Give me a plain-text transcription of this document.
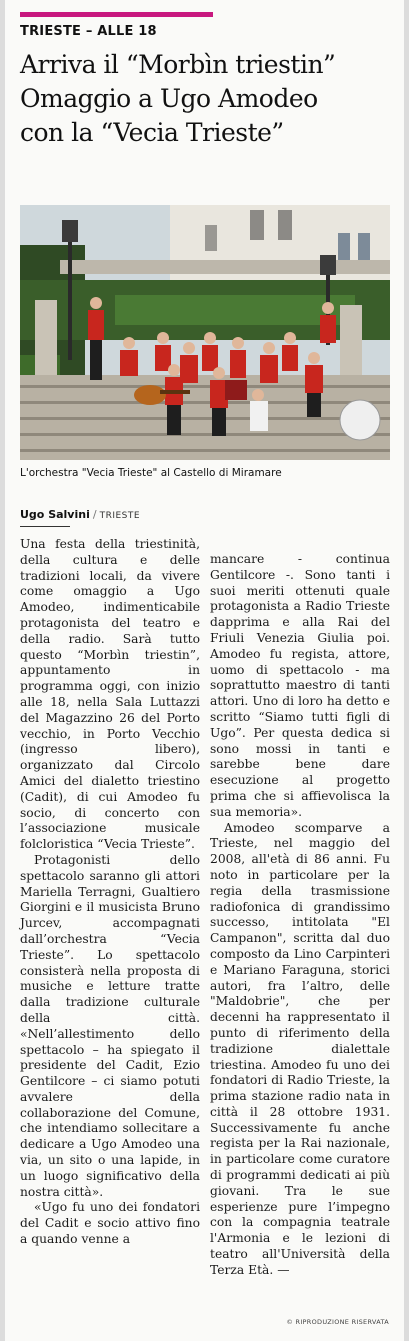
TRIESTE – ALLE 18
Arriva il “Morbìn triestin”
Omaggio a Ugo Amodeo
con la “Vecia Trieste”
L'orchestra "Vecia Trieste" al Castello di Miramare
Ugo Salvini / TRIESTE

Una festa della triestinità, della cultura e delle tradizioni locali, da vivere come omaggio a Ugo Amodeo, indimenticabile protagonista del teatro e della radio. Sarà tutto questo “Morbìn triestin”, appuntamento in programma oggi, con inizio alle 18, nella Sala Luttazzi del Magazzino 26 del Porto vecchio, in Porto Vecchio (ingresso libero), organizzato dal Circolo Amici del dialetto triestino (Cadit), di cui Amodeo fu socio, di concerto con l’associazione musicale folcloristica “Vecia Trieste”.

Protagonisti dello spettacolo saranno gli attori Mariella Terragni, Gualtiero Giorgini e il musicista Bruno Jurcev, accompagnati dall’orchestra “Vecia Trieste”. Lo spettacolo consisterà nella proposta di musiche e letture tratte dalla tradizione culturale della città. «Nell’allestimento dello spettacolo – ha spiegato il presidente del Cadit, Ezio Gentilcore – ci siamo potuti avvalere della collaborazione del Comune, che intendiamo sollecitare a dedicare a Ugo Amodeo una via, un sito o una lapide, in un luogo significativo della nostra città».

«Ugo fu uno dei fondatori del Cadit e socio attivo fino a quando venne a

mancare - continua Gentilcore -. Sono tanti i suoi meriti ottenuti quale protagonista a Radio Trieste dapprima e alla Rai del Friuli Venezia Giulia poi. Amodeo fu regista, attore, uomo di spettacolo - ma soprattutto maestro di tanti attori. Uno di loro ha detto e scritto “Siamo tutti figli di Ugo”. Per questa dedica si sono mossi in tanti e sarebbe bene dare esecuzione al progetto prima che si affievolisca la sua memoria».

Amodeo scomparve a Trieste, nel maggio del 2008, all'età di 86 anni. Fu noto in particolare per la regia della trasmissione radiofonica di grandissimo successo, intitolata "El Campanon", scritta dal duo composto da Lino Carpinteri e Mariano Faraguna, storici autori, fra l’altro, delle "Maldobrie", che per decenni ha rappresentato il punto di riferimento della tradizione dialettale triestina. Amodeo fu uno dei fondatori di Radio Trieste, la prima stazione radio nata in città il 28 ottobre 1931. Successivamente fu anche regista per la Rai nazionale, in particolare come curatore di programmi dedicati ai più giovani. Tra le sue esperienze pure l’impegno con la compagnia teatrale l'Armonia e le lezioni di teatro all'Università della Terza Età. —

© RIPRODUZIONE RISERVATA
